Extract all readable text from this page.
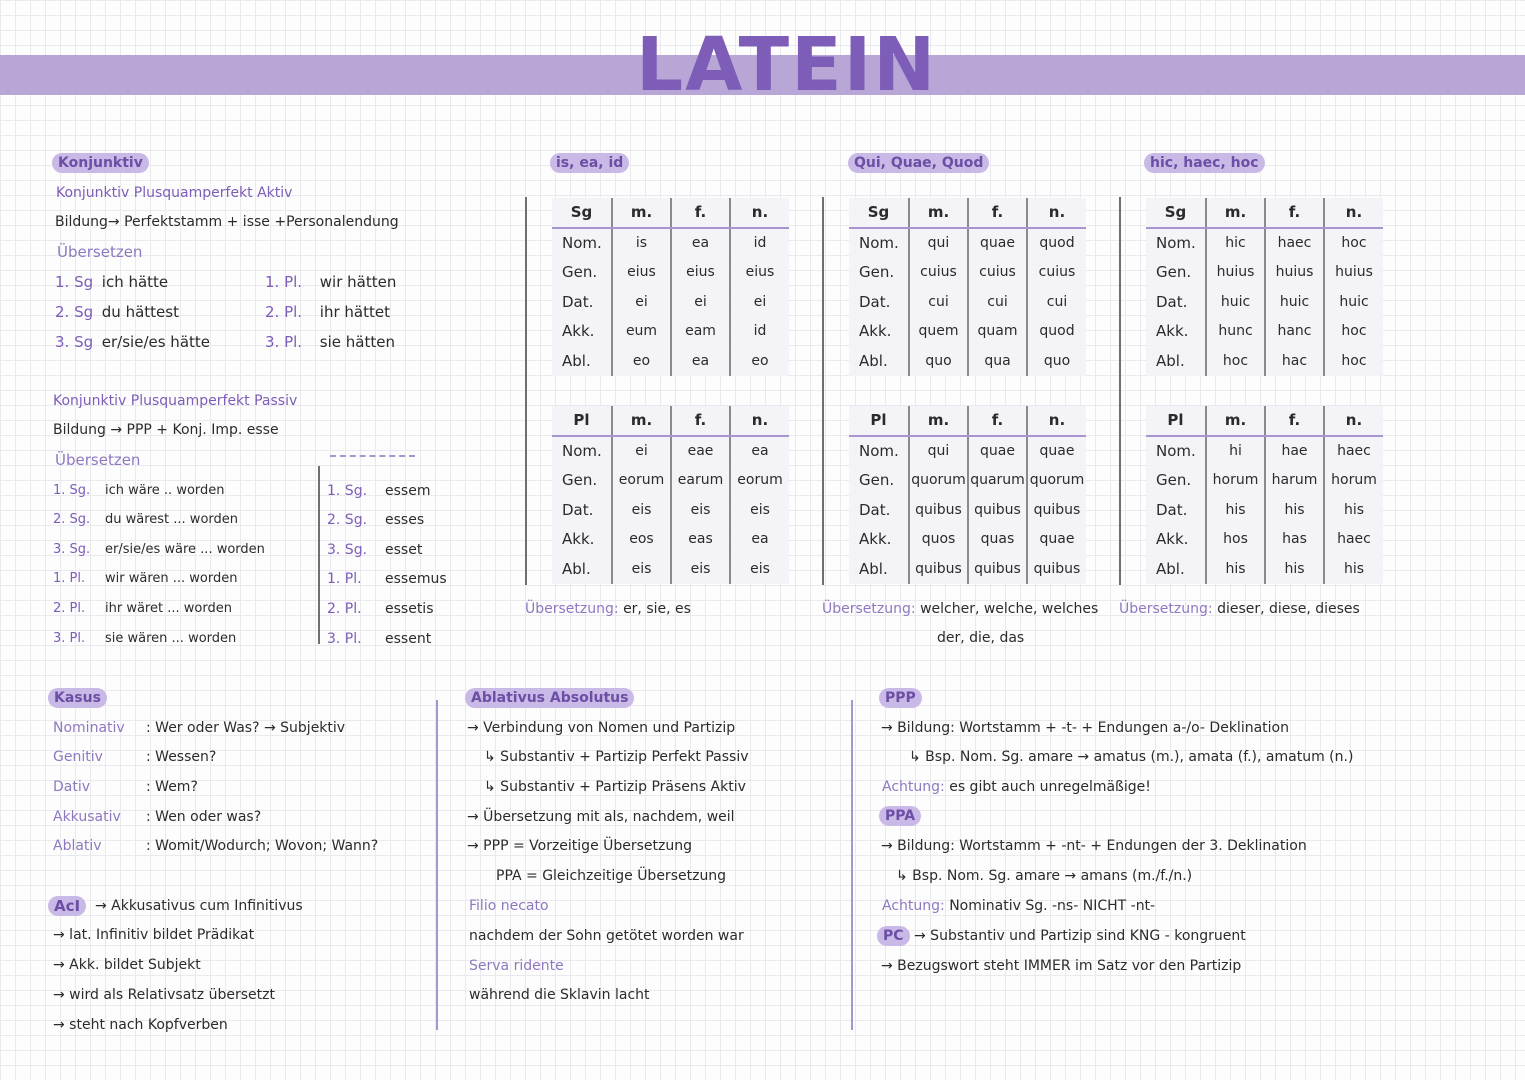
LATEIN
Konjunktiv
Konjunktiv Plusquamperfekt Aktiv
Bildung→ Perfektstamm + isse +Personalendung
Übersetzen
1. Sg ich hätte
2. Sg du hättest
3. Sg er/sie/es hätte
1. Pl. wir hätten
2. Pl. ihr hättet
3. Pl. sie hätten
Konjunktiv Plusquamperfekt Passiv
Bildung → PPP + Konj. Imp. esse
Übersetzen
1. Sg. ich wäre .. worden
2. Sg. du wärest ... worden
3. Sg. er/sie/es wäre ... worden
1. Pl. wir wären ... worden
2. Pl. ihr wäret ... worden
3. Pl. sie wären ... worden
1. Sg. essem
2. Sg. esses
3. Sg. esset
1. Pl. essemus
2. Pl. essetis
3. Pl. essent
is, ea, id
Sg	m.	f.	n.
Nom.	is	ea	id
Gen.	eius	eius	eius
Dat.	ei	ei	ei
Akk.	eum	eam	id
Abl.	eo	ea	eo
Pl	m.	f.	n.
Nom.	ei	eae	ea
Gen.	eorum	earum	eorum
Dat.	eis	eis	eis
Akk.	eos	eas	ea
Abl.	eis	eis	eis
Übersetzung: er, sie, es
Qui, Quae, Quod
Sg	m.	f.	n.
Nom.	qui	quae	quod
Gen.	cuius	cuius	cuius
Dat.	cui	cui	cui
Akk.	quem	quam	quod
Abl.	quo	qua	quo
Pl	m.	f.	n.
Nom.	qui	quae	quae
Gen.	quorum	quarum	quorum
Dat.	quibus	quibus	quibus
Akk.	quos	quas	quae
Abl.	quibus	quibus	quibus
Übersetzung: welcher, welche, welches
der, die, das
hic, haec, hoc
Sg	m.	f.	n.
Nom.	hic	haec	hoc
Gen.	huius	huius	huius
Dat.	huic	huic	huic
Akk.	hunc	hanc	hoc
Abl.	hoc	hac	hoc
Pl	m.	f.	n.
Nom.	hi	hae	haec
Gen.	horum	harum	horum
Dat.	his	his	his
Akk.	hos	has	haec
Abl.	his	his	his
Übersetzung: dieser, diese, dieses
Kasus
Nominativ : Wer oder Was? → Subjektiv
Genitiv	: Wessen?
Dativ	: Wem?
Akkusativ : Wen oder was?
Ablativ	: Womit/Wodurch; Wovon; Wann?
AcI	→ Akkusativus cum Infinitivus
→ lat. Infinitiv bildet Prädikat
→ Akk. bildet Subjekt
→ wird als Relativsatz übersetzt
→ steht nach Kopfverben
Ablativus Absolutus
→ Verbindung von Nomen und Partizip
↳ Substantiv + Partizip Perfekt Passiv
↳ Substantiv + Partizip Präsens Aktiv
→ Übersetzung mit als, nachdem, weil
→ PPP = Vorzeitige Übersetzung
PPA = Gleichzeitige Übersetzung
Filio necato
nachdem der Sohn getötet worden war
Serva ridente
während die Sklavin lacht
PPP
→ Bildung: Wortstamm + -t- + Endungen a-/o- Deklination
↳ Bsp. Nom. Sg. amare → amatus (m.), amata (f.), amatum (n.)
Achtung: es gibt auch unregelmäßige!
PPA
→ Bildung: Wortstamm + -nt- + Endungen der 3. Deklination
↳ Bsp. Nom. Sg. amare → amans (m./f./n.)
Achtung: Nominativ Sg. -ns- NICHT -nt-
PC → Substantiv und Partizip sind KNG - kongruent
→ Bezugswort steht IMMER im Satz vor den Partizip
